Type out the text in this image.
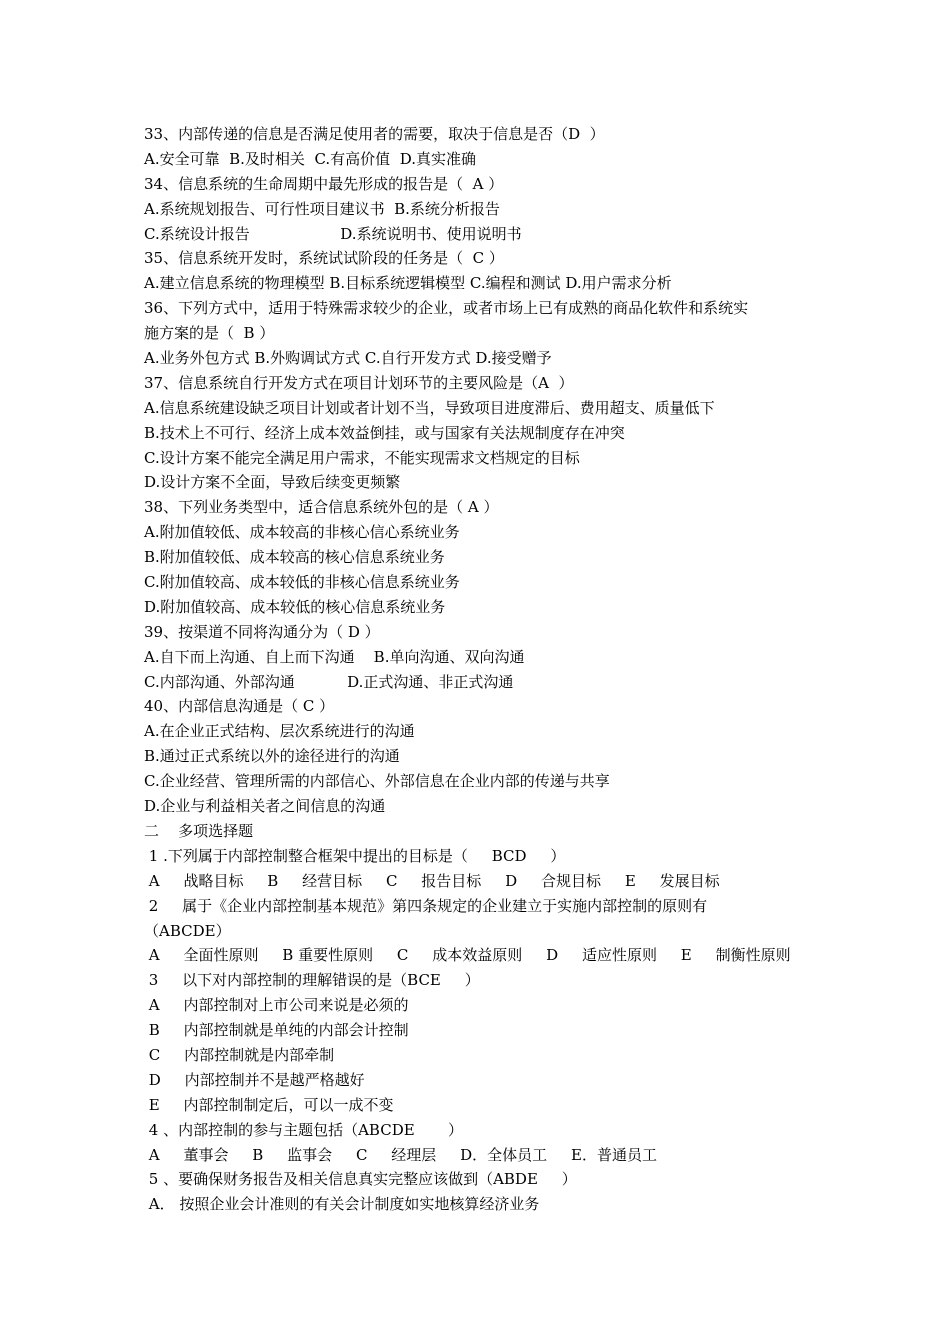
33、内部传递的信息是否满足使用者的需要，取决于信息是否（D  ）
A.安全可靠  B.及时相关  C.有高价值  D.真实准确
34、信息系统的生命周期中最先形成的报告是（  A ）
A.系统规划报告、可行性项目建议书  B.系统分析报告
C.系统设计报告                   D.系统说明书、使用说明书
35、信息系统开发时，系统试试阶段的任务是（  C ）
A.建立信息系统的物理模型 B.目标系统逻辑模型 C.编程和测试 D.用户需求分析
36、下列方式中，适用于特殊需求较少的企业，或者市场上已有成熟的商品化软件和系统实
施方案的是（  B ）
A.业务外包方式 B.外购调试方式 C.自行开发方式 D.接受赠予
37、信息系统自行开发方式在项目计划环节的主要风险是（A  ）
A.信息系统建设缺乏项目计划或者计划不当，导致项目进度滞后、费用超支、质量低下
B.技术上不可行、经济上成本效益倒挂，或与国家有关法规制度存在冲突
C.设计方案不能完全满足用户需求，不能实现需求文档规定的目标
D.设计方案不全面，导致后续变更频繁
38、下列业务类型中，适合信息系统外包的是（ A ）
A.附加值较低、成本较高的非核心信心系统业务
B.附加值较低、成本较高的核心信息系统业务
C.附加值较高、成本较低的非核心信息系统业务
D.附加值较高、成本较低的核心信息系统业务
39、按渠道不同将沟通分为（ D ）
A.自下而上沟通、自上而下沟通    B.单向沟通、双向沟通
C.内部沟通、外部沟通           D.正式沟通、非正式沟通
40、内部信息沟通是（ C ）
A.在企业正式结构、层次系统进行的沟通
B.通过正式系统以外的途径进行的沟通
C.企业经营、管理所需的内部信心、外部信息在企业内部的传递与共享
D.企业与利益相关者之间信息的沟通
二    多项选择题
1 .下列属于内部控制整合框架中提出的目标是（     BCD     ）
A     战略目标     B     经营目标     C     报告目标     D     合规目标     E     发展目标
2     属于《企业内部控制基本规范》第四条规定的企业建立于实施内部控制的原则有
（ABCDE）
A     全面性原则     B 重要性原则     C     成本效益原则     D     适应性原则     E     制衡性原则
3     以下对内部控制的理解错误的是（BCE     ）
A     内部控制对上市公司来说是必须的
B     内部控制就是单纯的内部会计控制
C     内部控制就是内部牵制
D     内部控制并不是越严格越好
E     内部控制制定后，可以一成不变
4 、内部控制的参与主题包括（ABCDE       ）
A     董事会     B     监事会     C     经理层     D．全体员工     E．普通员工
5 、要确保财务报告及相关信息真实完整应该做到（ABDE     ）
A． 按照企业会计准则的有关会计制度如实地核算经济业务
